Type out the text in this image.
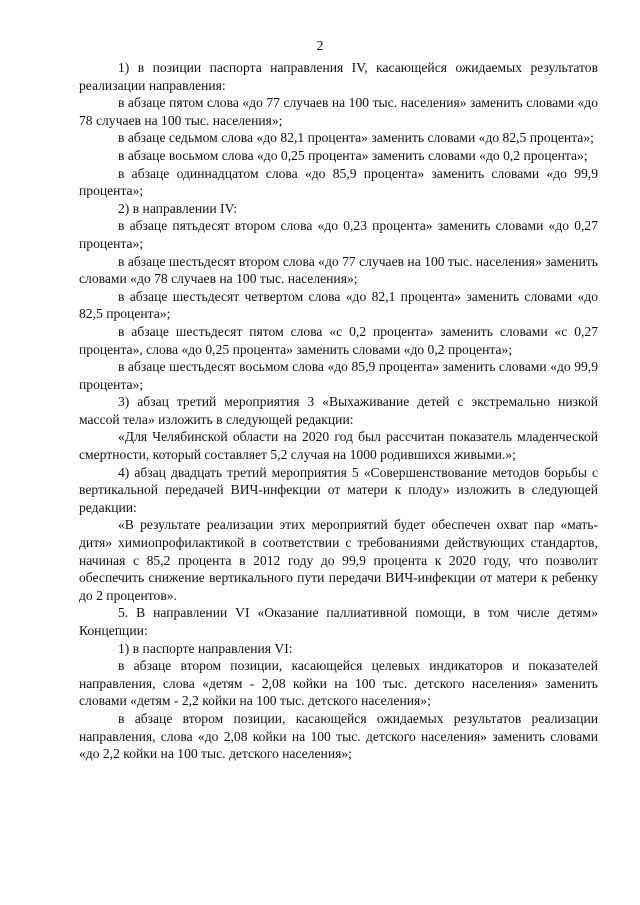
2

1) в позиции паспорта направления IV, касающейся ожидаемых результатов реализации направления:

в абзаце пятом слова «до 77 случаев на 100 тыс. населения» заменить словами «до 78 случаев на 100 тыс. населения»;

в абзаце седьмом слова «до 82,1 процента» заменить словами «до 82,5 процента»;

в абзаце восьмом слова «до 0,25 процента» заменить словами «до 0,2 процента»;

в абзаце одиннадцатом слова «до 85,9 процента» заменить словами «до 99,9 процента»;

2) в направлении IV:

в абзаце пятьдесят втором слова «до 0,23 процента» заменить словами «до 0,27 процента»;

в абзаце шестьдесят втором слова «до 77 случаев на 100 тыс. населения» заменить словами «до 78 случаев на 100 тыс. населения»;

в абзаце шестьдесят четвертом слова «до 82,1 процента» заменить словами «до 82,5 процента»;

в абзаце шестьдесят пятом слова «с 0,2 процента» заменить словами «с 0,27 процента», слова «до 0,25 процента» заменить словами «до 0,2 процента»;

в абзаце шестьдесят восьмом слова «до 85,9 процента» заменить словами «до 99,9 процента»;

3) абзац третий мероприятия 3 «Выхаживание детей с экстремально низкой массой тела» изложить в следующей редакции:

«Для Челябинской области на 2020 год был рассчитан показатель младенческой смертности, который составляет 5,2 случая на 1000 родившихся живыми.»;

4) абзац двадцать третий мероприятия 5 «Совершенствование методов борьбы с вертикальной передачей ВИЧ-инфекции от матери к плоду» изложить в следующей редакции:

«В результате реализации этих мероприятий будет обеспечен охват пар «мать-дитя» химиопрофилактикой в соответствии с требованиями действующих стандартов, начиная с 85,2 процента в 2012 году до 99,9 процента к 2020 году, что позволит обеспечить снижение вертикального пути передачи ВИЧ-инфекции от матери к ребенку до 2 процентов».

5. В направлении VI «Оказание паллиативной помощи, в том числе детям» Концепции:

1) в паспорте направления VI:

в абзаце втором позиции, касающейся целевых индикаторов и показателей направления, слова «детям - 2,08 койки на 100 тыс. детского населения» заменить словами «детям - 2,2 койки на 100 тыс. детского населения»;

в абзаце втором позиции, касающейся ожидаемых результатов реализации направления, слова «до 2,08 койки на 100 тыс. детского населения» заменить словами «до 2,2 койки на 100 тыс. детского населения»;
